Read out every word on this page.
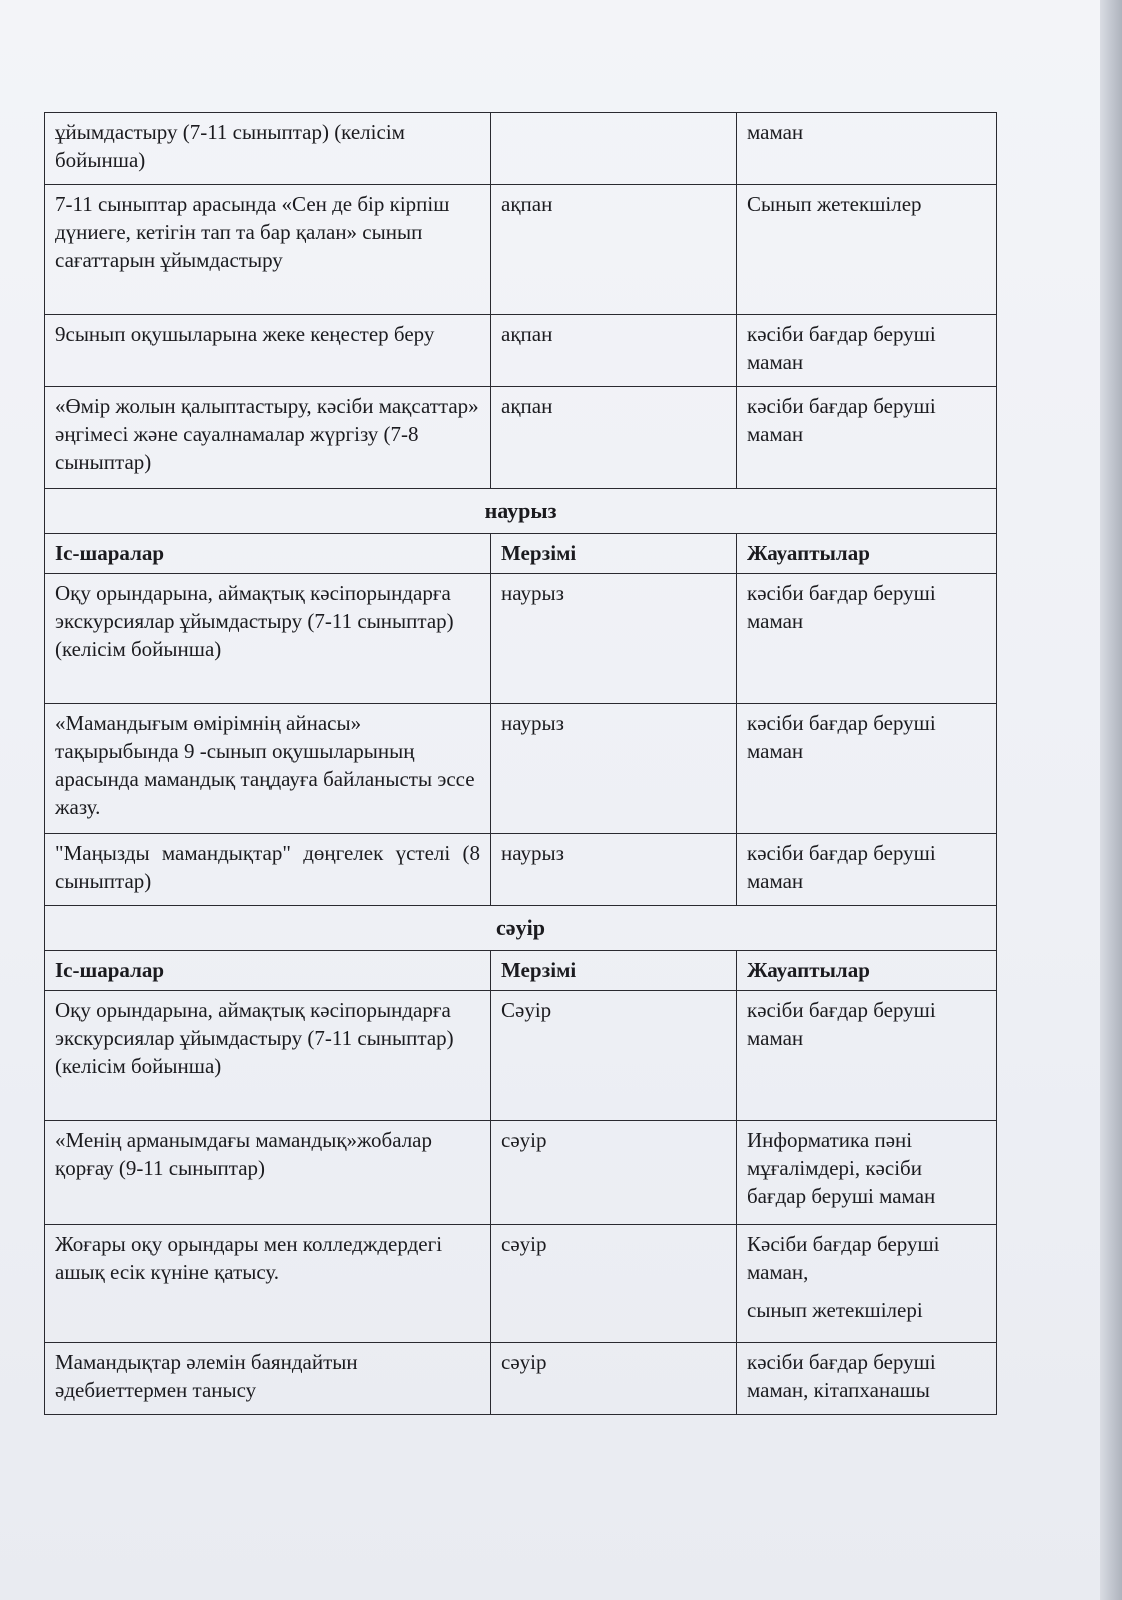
ұйымдастыру (7-11 сыныптар) (келісім бойынша)		маман
7-11 сыныптар арасында «Сен де бір кірпіш дүниеге, кетігін тап та бар қалан» сынып сағаттарын ұйымдастыру	ақпан	Сынып жетекшілер
9сынып оқушыларына жеке кеңестер беру	ақпан	кәсіби бағдар беруші маман
«Өмір жолын қалыптастыру, кәсіби мақсаттар» әңгімесі және сауалнамалар жүргізу (7-8 сыныптар)	ақпан	кәсіби бағдар беруші маман
наурыз		
Іс-шаралар	Мерзімі	Жауаптылар
Оқу орындарына, аймақтық кәсіпорындарға экскурсиялар ұйымдастыру (7-11 сыныптар) (келісім бойынша)	наурыз	кәсіби бағдар беруші маман
«Мамандығым өмірімнің айнасы» тақырыбында 9 -сынып оқушыларының арасында мамандық таңдауға байланысты эссе жазу.	наурыз	кәсіби бағдар беруші маман
"Маңызды мамандықтар" дөңгелек үстелі (8 сыныптар)	наурыз	кәсіби бағдар беруші маман
сәуір		
Іс-шаралар	Мерзімі	Жауаптылар
Оқу орындарына, аймақтық кәсіпорындарға экскурсиялар ұйымдастыру (7-11 сыныптар) (келісім бойынша)	Сәуір	кәсіби бағдар беруші маман
«Менің арманымдағы мамандық»жобалар қорғау (9-11 сыныптар)	сәуір	Информатика пәні мұғалімдері, кәсіби бағдар беруші маман
Жоғары оқу орындары мен колледждердегі ашық есік күніне қатысу.	сәуір	Кәсіби бағдар беруші маман,
сынып жетекшілері
Мамандықтар әлемін баяндайтын әдебиеттермен танысу	сәуір	кәсіби бағдар беруші маман, кітапханашы
